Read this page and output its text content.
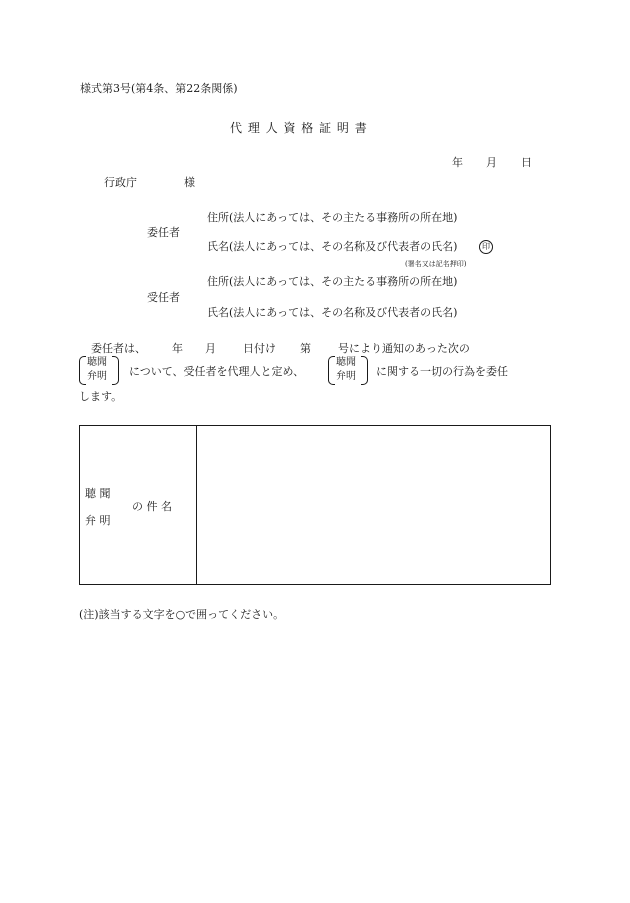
様式第3号(第4条、第22条関係)
代 理 人 資 格 証 明 書
年 月 日
行政庁	様
委任者
住所(法人にあっては、その主たる事務所の所在地)
氏名(法人にあっては、その名称及び代表者の氏名)	印
(署名又は記名押印)
受任者
住所(法人にあっては、その主たる事務所の所在地)
氏名(法人にあっては、その名称及び代表者の氏名)
委任者は、 年 月 日付け 第 号により通知のあった次の
聴聞
弁明 について、受任者を代理人と定め、
聴聞
弁明 に関する一切の行為を委任
します。
聴 聞
弁 明
の 件 名
(注)該当する文字を○で囲ってください。
